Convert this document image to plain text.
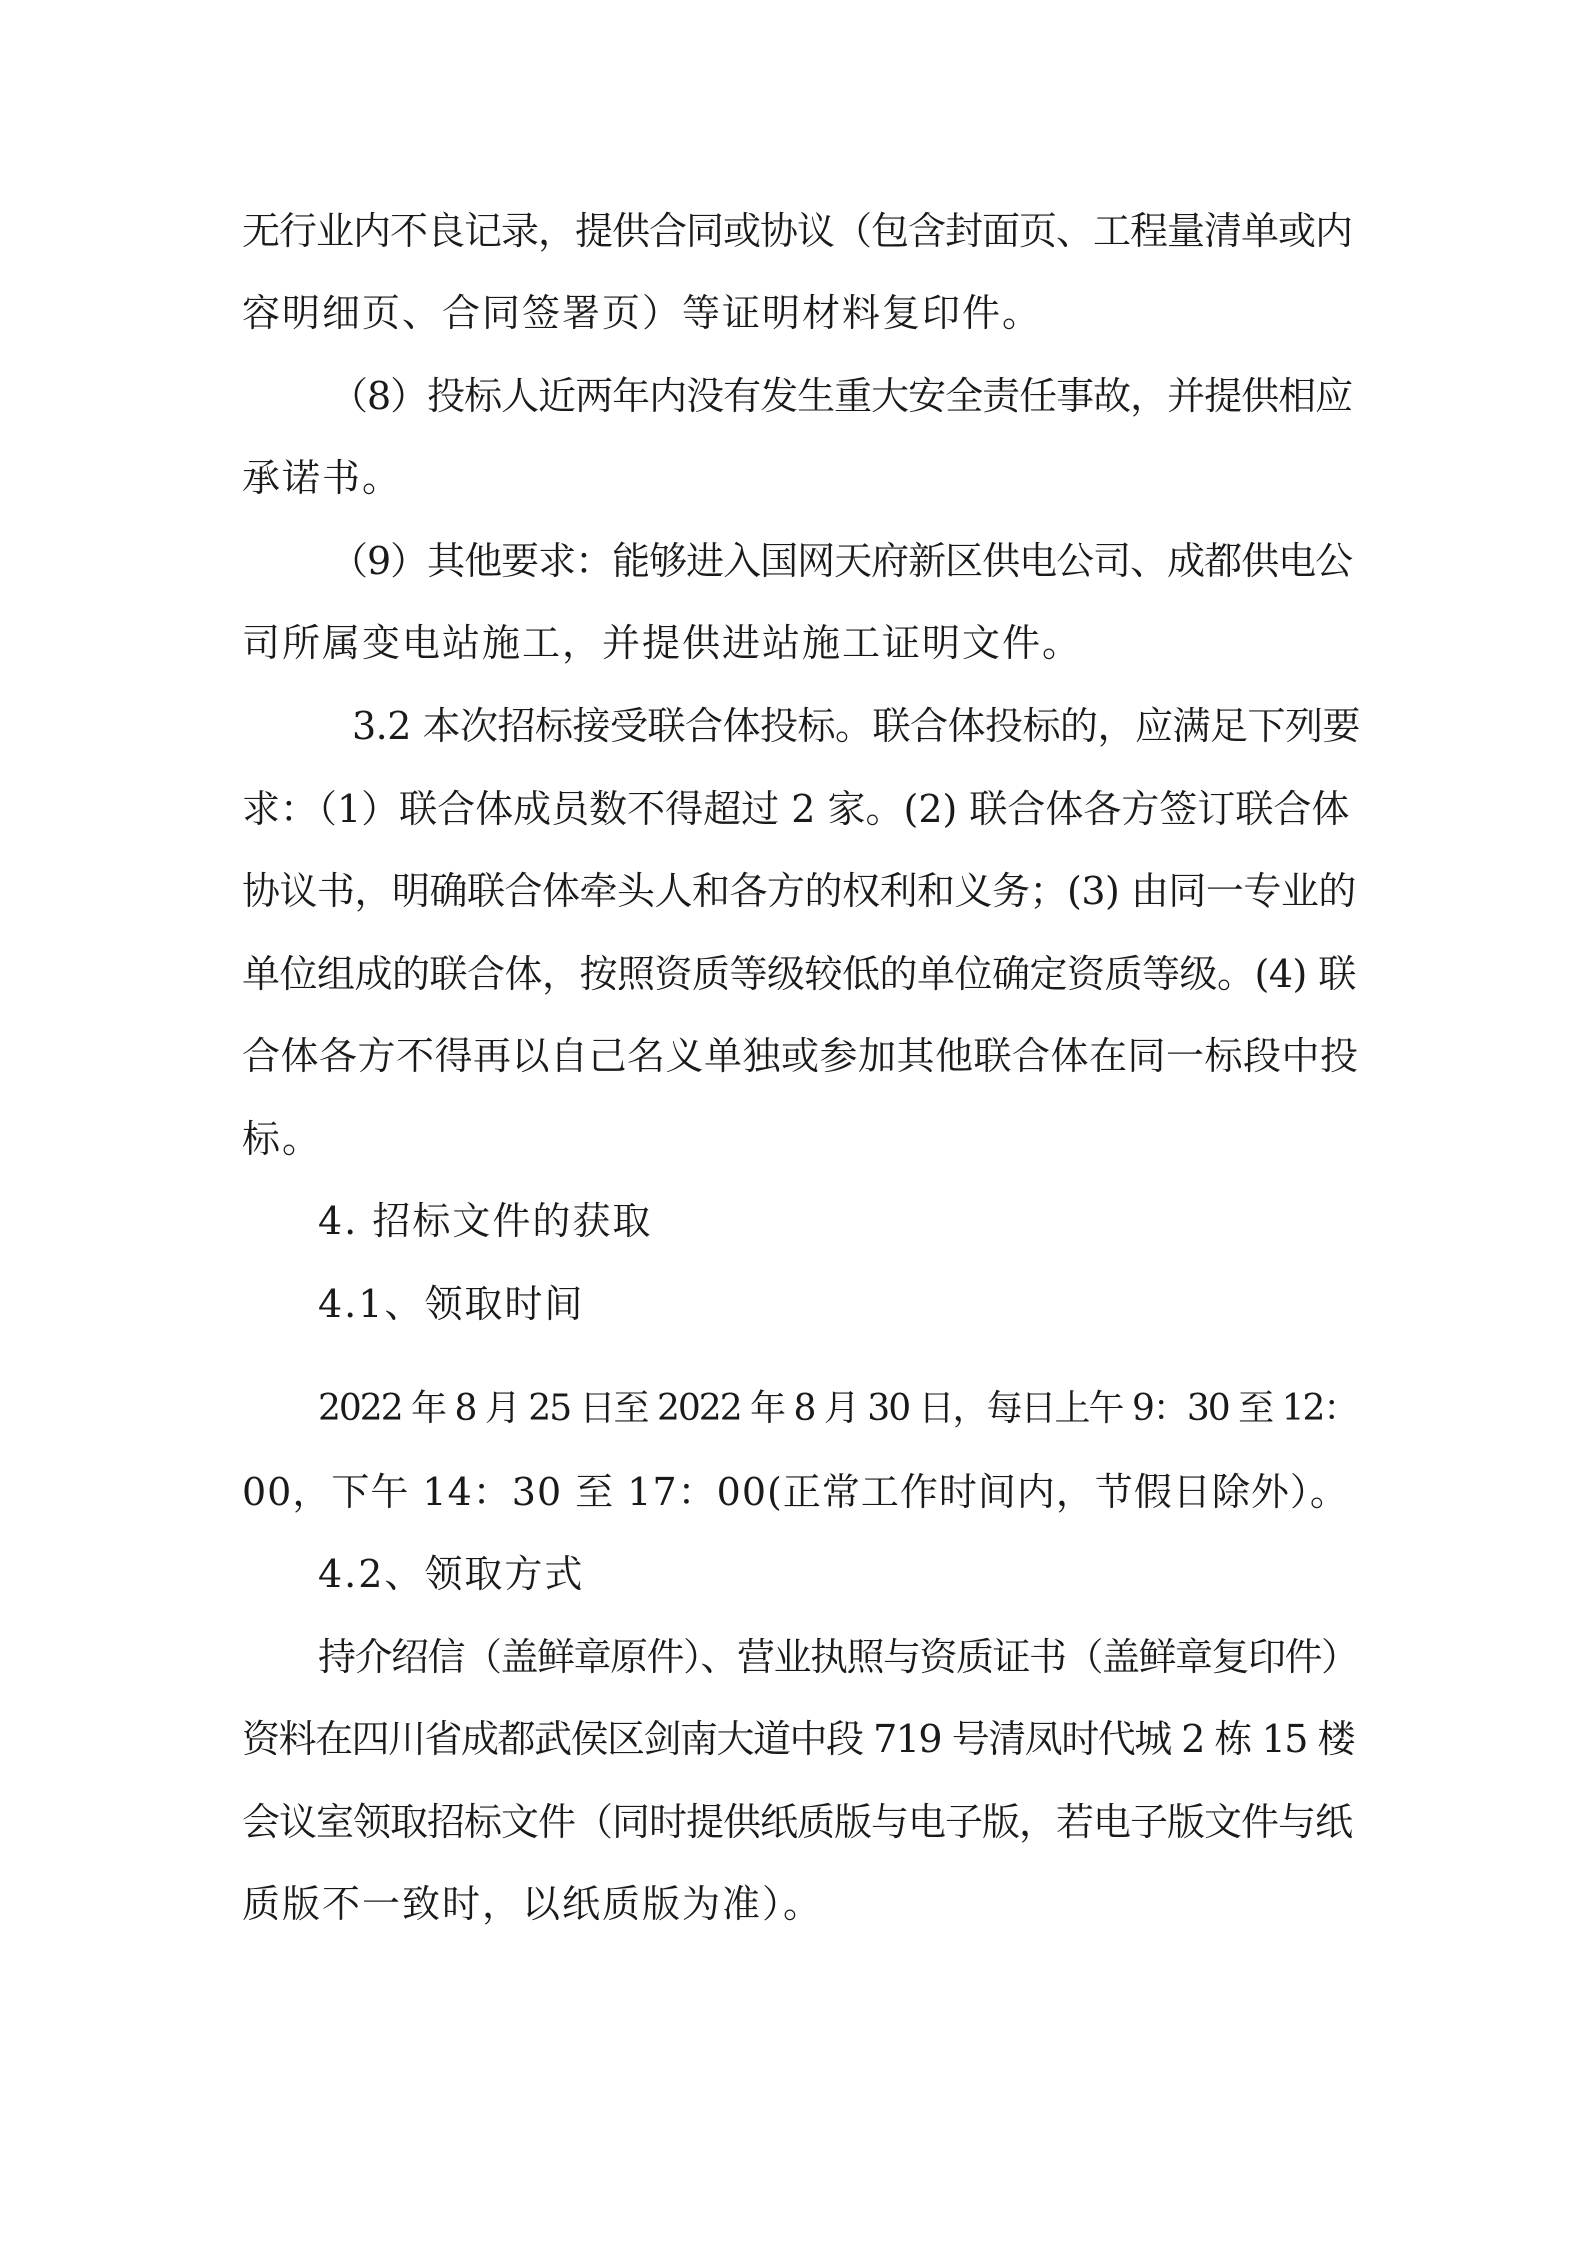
无行业内不良记录，提供合同或协议（包含封面页、工程量清单或内
容明细页、合同签署页）等证明材料复印件。
（8）投标人近两年内没有发生重大安全责任事故，并提供相应
承诺书。
（9）其他要求：能够进入国网天府新区供电公司、成都供电公
司所属变电站施工，并提供进站施工证明文件。
3.2 本次招标接受联合体投标。联合体投标的，应满足下列要
求：（1）联合体成员数不得超过 2 家。(2) 联合体各方签订联合体
协议书，明确联合体牵头人和各方的权利和义务；(3) 由同一专业的
单位组成的联合体，按照资质等级较低的单位确定资质等级。(4) 联
合体各方不得再以自己名义单独或参加其他联合体在同一标段中投
标。
4. 招标文件的获取
4.1、领取时间
2022 年 8 月 25 日至 2022 年 8 月 30 日，每日上午 9：30 至 12：
00，下午 14：30 至 17：00(正常工作时间内，节假日除外）。
4.2、领取方式
持介绍信（盖鲜章原件）、营业执照与资质证书（盖鲜章复印件）
资料在四川省成都武侯区剑南大道中段 719 号清凤时代城 2 栋 15 楼
会议室领取招标文件（同时提供纸质版与电子版，若电子版文件与纸
质版不一致时，以纸质版为准）。
